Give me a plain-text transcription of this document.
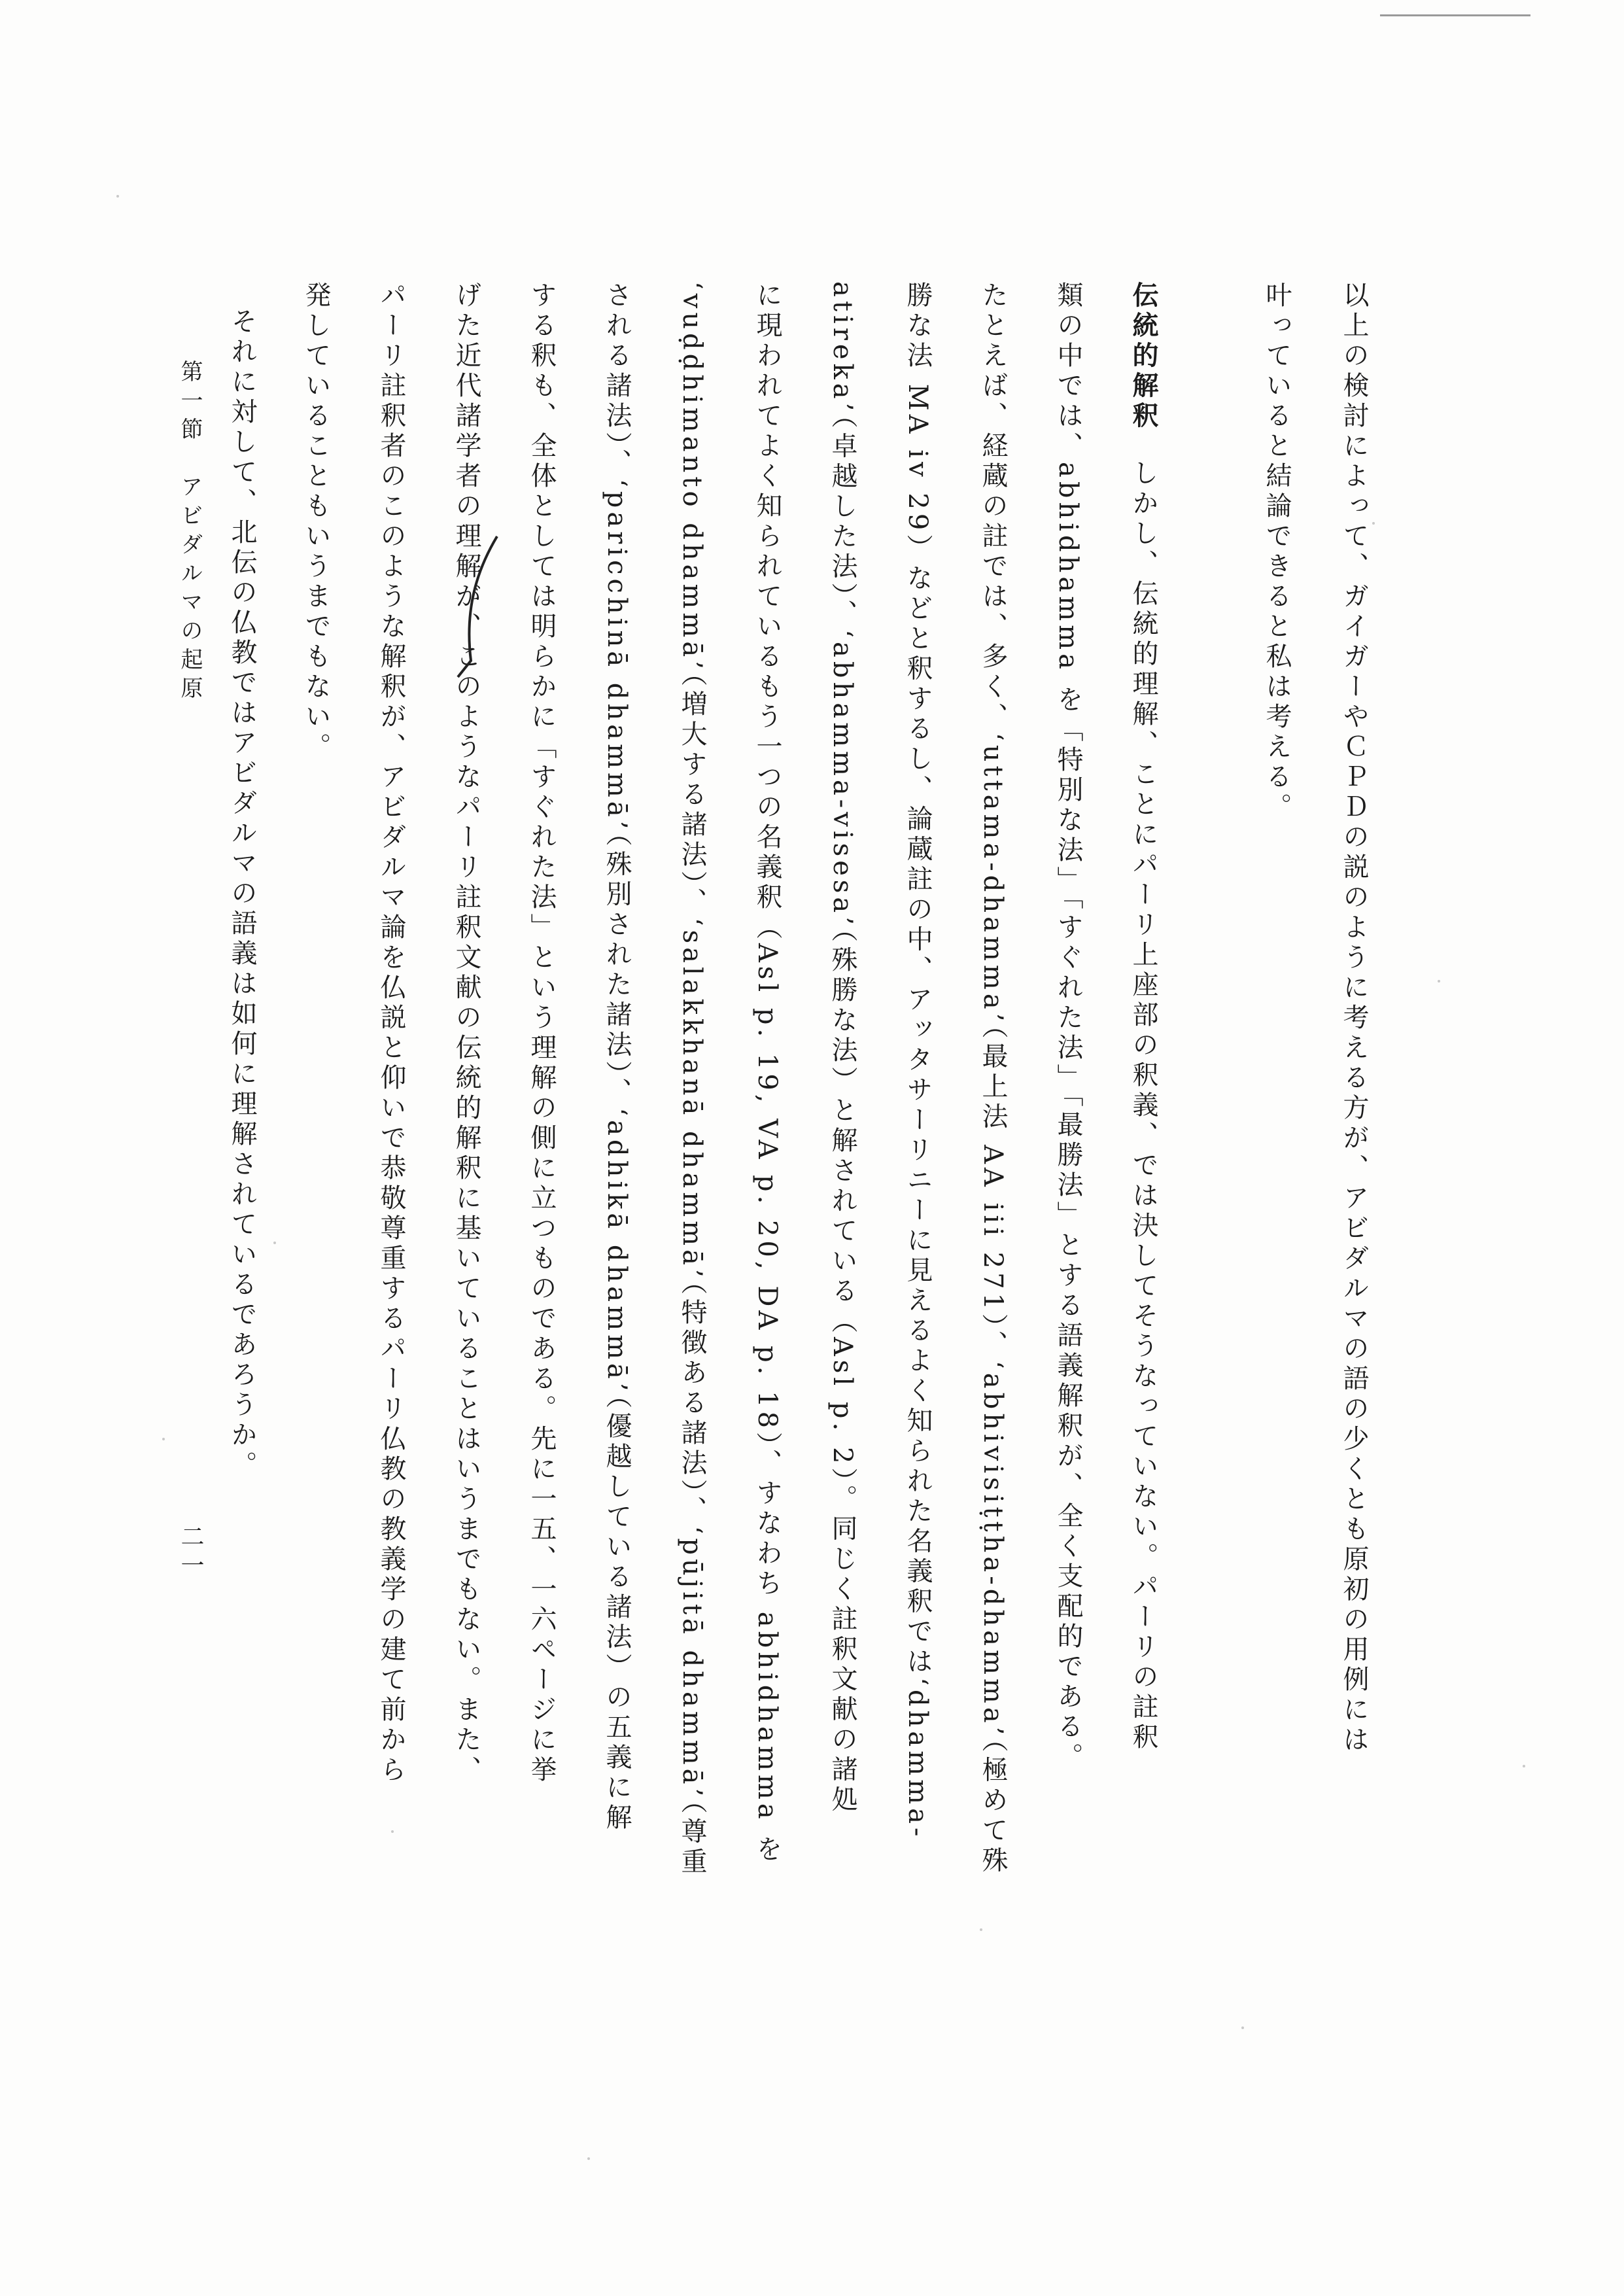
以上の検討によって、ガイガーやＣＰＤの説のように考える方が、アビダルマの語の少くとも原初の用例には
叶っていると結論できると私は考える。
伝統的解釈しかし、伝統的理解、ことにパーリ上座部の釈義、では決してそうなっていない。パーリの註釈
類の中では、abhidhamma を「特別な法」「すぐれた法」「最勝法」とする語義解釈が、全く支配的である。
たとえば、経蔵の註では、多く、‘uttama-dhamma’（最上法 AA iii 271）、‘abhivisiṭṭha-dhamma’（極めて殊
勝な法 MA iv 29）などと釈するし、論蔵註の中、アッタサーリニーに見えるよく知られた名義釈では‘dhamma-
atireka’（卓越した法）、‘abhamma-visesa’（殊勝な法）と解されている（Asl p. 2）。同じく註釈文献の諸処
に現われてよく知られているもう一つの名義釈（Asl p. 19, VA p. 20, DA p. 18）、すなわち abhidhamma を
‘vuḍḍhimanto dhammā’（増大する諸法）、‘salakkhanā dhammā’（特徴ある諸法）、‘pūjitā dhammā’（尊重
される諸法）、‘paricchinā dhammā’（殊別された諸法）、‘adhikā dhammā’（優越している諸法）の五義に解
する釈も、全体としては明らかに「すぐれた法」という理解の側に立つものである。先に一五、一六ページに挙
げた近代諸学者の理解が、このようなパーリ註釈文献の伝統的解釈に基いていることはいうまでもない。また、
パーリ註釈者のこのような解釈が、アビダルマ論を仏説と仰いで恭敬尊重するパーリ仏教の教義学の建て前から
発していることもいうまでもない。
それに対して、北伝の仏教ではアビダルマの語義は如何に理解されているであろうか。
第一節　アビダルマの起原
二一
